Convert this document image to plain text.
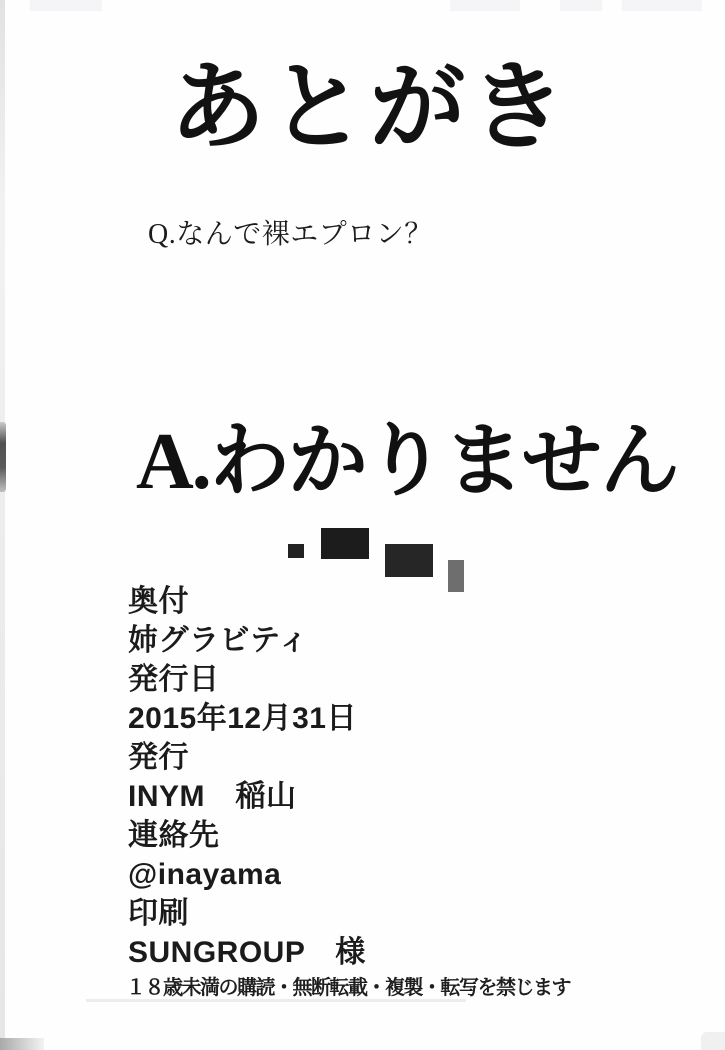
あとがき

Q.なんで裸エプロン？

A.わかりません

奥付
姉グラビティ
発行日
2015年12月31日
発行
INYM　稲山
連絡先
@inayama
印刷
SUNGROUP　様

１８歳未満の購読・無断転載・複製・転写を禁じます
